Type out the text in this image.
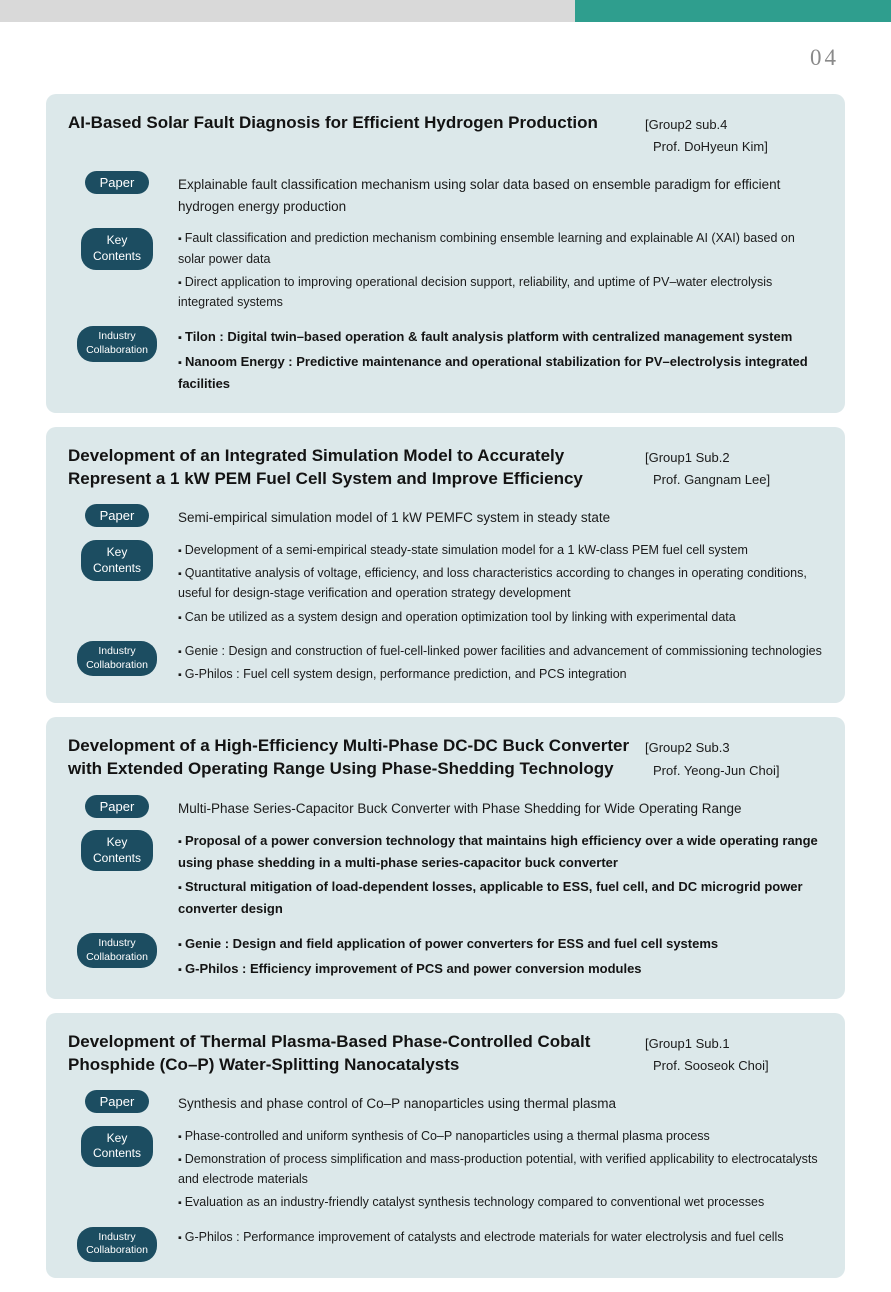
04
AI-Based Solar Fault Diagnosis for Efficient Hydrogen Production	[Group2 sub.4
Prof. DoHyeun Kim]
Paper	Explainable fault classification mechanism using solar data based on ensemble paradigm for efficient hydrogen energy production
Key
Contents
▪ Fault classification and prediction mechanism combining ensemble learning and explainable AI (XAI) based on solar power data
▪ Direct application to improving operational decision support, reliability, and uptime of PV–water electrolysis integrated systems
Industry
Collaboration
▪ Tilon : Digital twin–based operation & fault analysis platform with centralized management system
▪ Nanoom Energy : Predictive maintenance and operational stabilization for PV–electrolysis integrated facilities
Development of an Integrated Simulation Model to Accurately Represent a 1 kW PEM Fuel Cell System and Improve Efficiency
[Group1 Sub.2
Prof. Gangnam Lee]
Paper	Semi-empirical simulation model of 1 kW PEMFC system in steady state
Key
Contents
▪ Development of a semi-empirical steady-state simulation model for a 1 kW-class PEM fuel cell system
▪ Quantitative analysis of voltage, efficiency, and loss characteristics according to changes in operating conditions, useful for design-stage verification and operation strategy development
▪ Can be utilized as a system design and operation optimization tool by linking with experimental data
Industry
Collaboration
▪ Genie : Design and construction of fuel-cell-linked power facilities and advancement of commissioning technologies
▪ G-Philos : Fuel cell system design, performance prediction, and PCS integration
Development of a High-Efficiency Multi-Phase DC-DC Buck Converter with Extended Operating Range Using Phase-Shedding Technology
[Group2 Sub.3
Prof. Yeong-Jun Choi]
Paper	Multi-Phase Series-Capacitor Buck Converter with Phase Shedding for Wide Operating Range
Key
Contents
▪ Proposal of a power conversion technology that maintains high efficiency over a wide operating range using phase shedding in a multi-phase series-capacitor buck converter
▪ Structural mitigation of load-dependent losses, applicable to ESS, fuel cell, and DC microgrid power converter design
Industry
Collaboration
▪ Genie : Design and field application of power converters for ESS and fuel cell systems
▪ G-Philos : Efficiency improvement of PCS and power conversion modules
Development of Thermal Plasma-Based Phase-Controlled Cobalt Phosphide (Co–P) Water-Splitting Nanocatalysts
[Group1 Sub.1
Prof. Sooseok Choi]
Paper	Synthesis and phase control of Co–P nanoparticles using thermal plasma
Key
Contents
▪ Phase-controlled and uniform synthesis of Co–P nanoparticles using a thermal plasma process
▪ Demonstration of process simplification and mass-production potential, with verified applicability to electrocatalysts and electrode materials
▪ Evaluation as an industry-friendly catalyst synthesis technology compared to conventional wet processes
Industry
Collaboration
▪ G-Philos : Performance improvement of catalysts and electrode materials for water electrolysis and fuel cells
